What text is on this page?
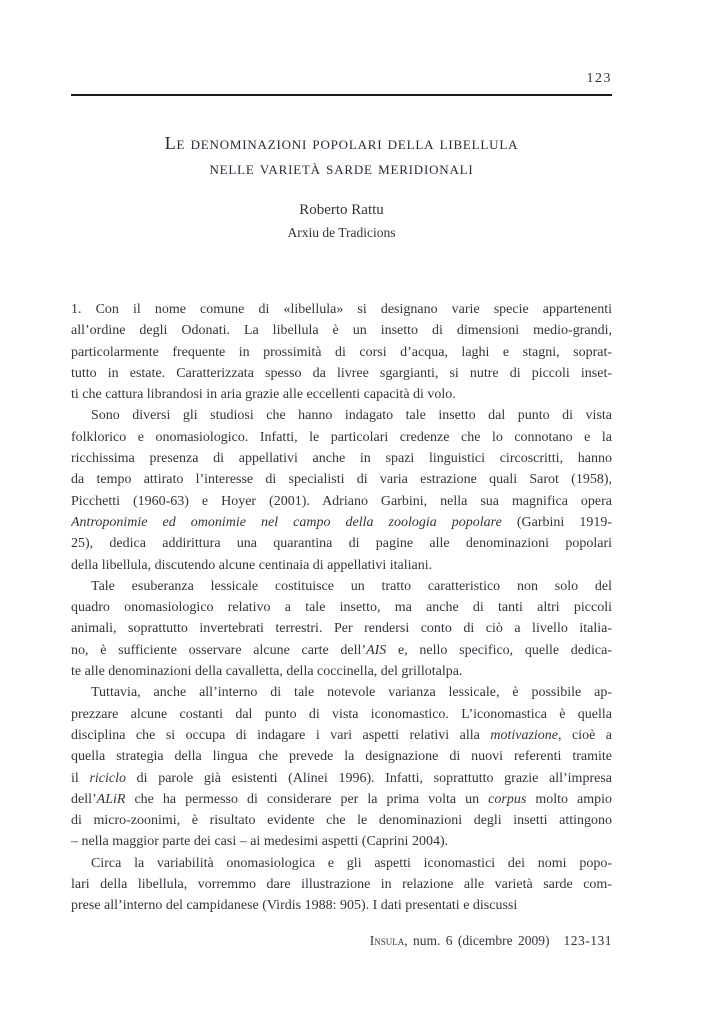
123
Le denominazioni popolari della libellula
nelle varietà sarde meridionali
Roberto Rattu
Arxiu de Tradicions
1. Con il nome comune di «libellula» si designano varie specie appartenenti
all’ordine degli Odonati. La libellula è un insetto di dimensioni medio-grandi,
particolarmente frequente in prossimità di corsi d’acqua, laghi e stagni, soprat-
tutto in estate. Caratterizzata spesso da livree sgargianti, si nutre di piccoli inset-
ti che cattura librandosi in aria grazie alle eccellenti capacità di volo.
Sono diversi gli studiosi che hanno indagato tale insetto dal punto di vista
folklorico e onomasiologico. Infatti, le particolari credenze che lo connotano e la
ricchissima presenza di appellativi anche in spazi linguistici circoscritti, hanno
da tempo attirato l’interesse di specialisti di varia estrazione quali Sarot (1958),
Picchetti (1960-63) e Hoyer (2001). Adriano Garbini, nella sua magnifica opera
Antroponimie ed omonimie nel campo della zoologia popolare (Garbini 1919-
25), dedica addirittura una quarantina di pagine alle denominazioni popolari
della libellula, discutendo alcune centinaia di appellativi italiani.
Tale esuberanza lessicale costituisce un tratto caratteristico non solo del
quadro onomasiologico relativo a tale insetto, ma anche di tanti altri piccoli
animali, soprattutto invertebrati terrestri. Per rendersi conto di ciò a livello italia-
no, è sufficiente osservare alcune carte dell’AIS e, nello specifico, quelle dedica-
te alle denominazioni della cavalletta, della coccinella, del grillotalpa.
Tuttavia, anche all’interno di tale notevole varianza lessicale, è possibile ap-
prezzare alcune costanti dal punto di vista iconomastico. L’iconomastica è quella
disciplina che si occupa di indagare i vari aspetti relativi alla motivazione, cioè a
quella strategia della lingua che prevede la designazione di nuovi referenti tramite
il riciclo di parole già esistenti (Alinei 1996). Infatti, soprattutto grazie all’impresa
dell’ALiR che ha permesso di considerare per la prima volta un corpus molto ampio
di micro-zoonimi, è risultato evidente che le denominazioni degli insetti attingono
– nella maggior parte dei casi – ai medesimi aspetti (Caprini 2004).
Circa la variabilità onomasiologica e gli aspetti iconomastici dei nomi popo-
lari della libellula, vorremmo dare illustrazione in relazione alle varietà sarde com-
prese all’interno del campidanese (Virdis 1988: 905). I dati presentati e discussi
Insula, num. 6 (dicembre 2009) 123-131
